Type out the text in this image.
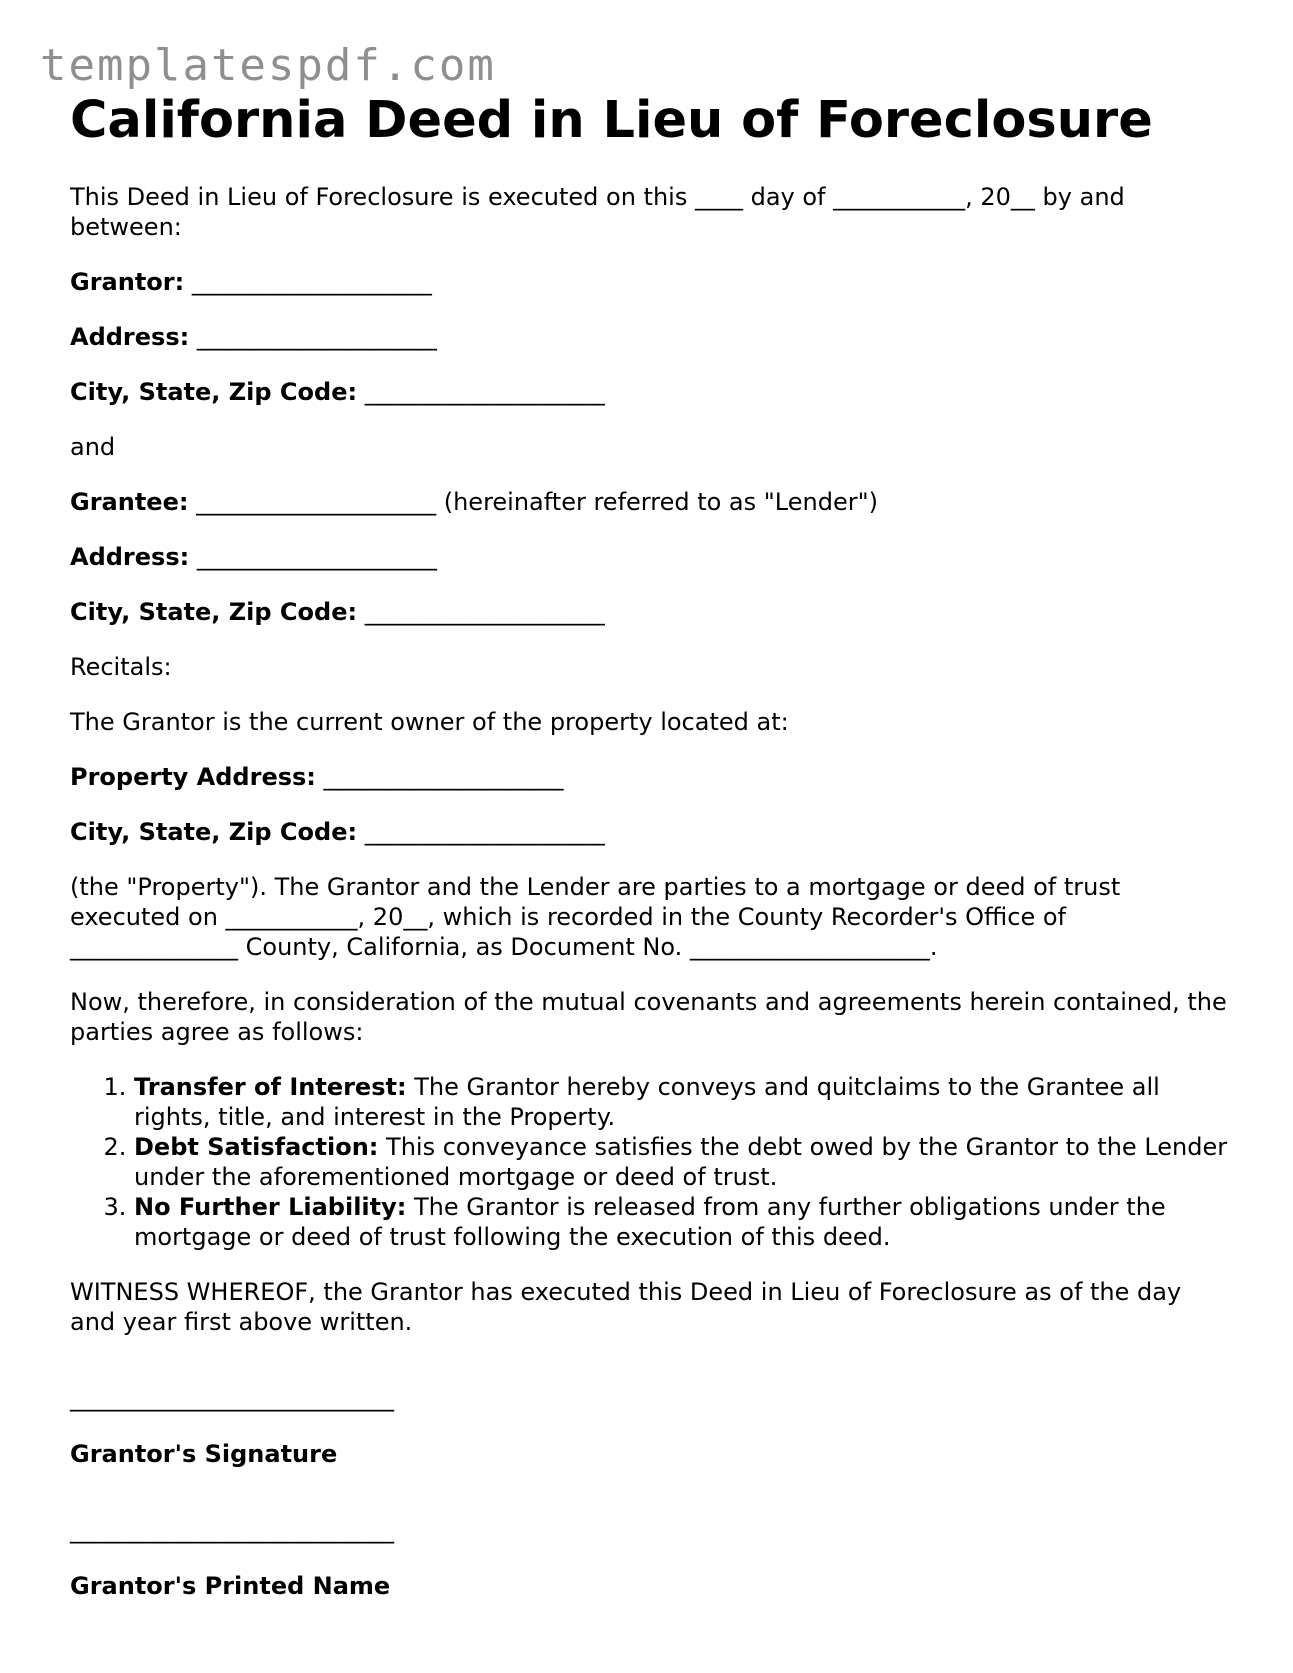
templatespdf.com
California Deed in Lieu of Foreclosure

This Deed in Lieu of Foreclosure is executed on this ____ day of ___________, 20__ by and between:

Grantor: ____________________

Address: ____________________

City, State, Zip Code: ____________________

and

Grantee: ____________________ (hereinafter referred to as "Lender")

Address: ____________________

City, State, Zip Code: ____________________

Recitals:

The Grantor is the current owner of the property located at:

Property Address: ____________________

City, State, Zip Code: ____________________

(the "Property"). The Grantor and the Lender are parties to a mortgage or deed of trust executed on ___________, 20__, which is recorded in the County Recorder's Office of ______________ County, California, as Document No. ____________________.

Now, therefore, in consideration of the mutual covenants and agreements herein contained, the parties agree as follows:

1. Transfer of Interest: The Grantor hereby conveys and quitclaims to the Grantee all rights, title, and interest in the Property.
2. Debt Satisfaction: This conveyance satisfies the debt owed by the Grantor to the Lender under the aforementioned mortgage or deed of trust.
3. No Further Liability: The Grantor is released from any further obligations under the mortgage or deed of trust following the execution of this deed.

WITNESS WHEREOF, the Grantor has executed this Deed in Lieu of Foreclosure as of the day and year first above written.

___________________________
Grantor's Signature
___________________________
Grantor's Printed Name
